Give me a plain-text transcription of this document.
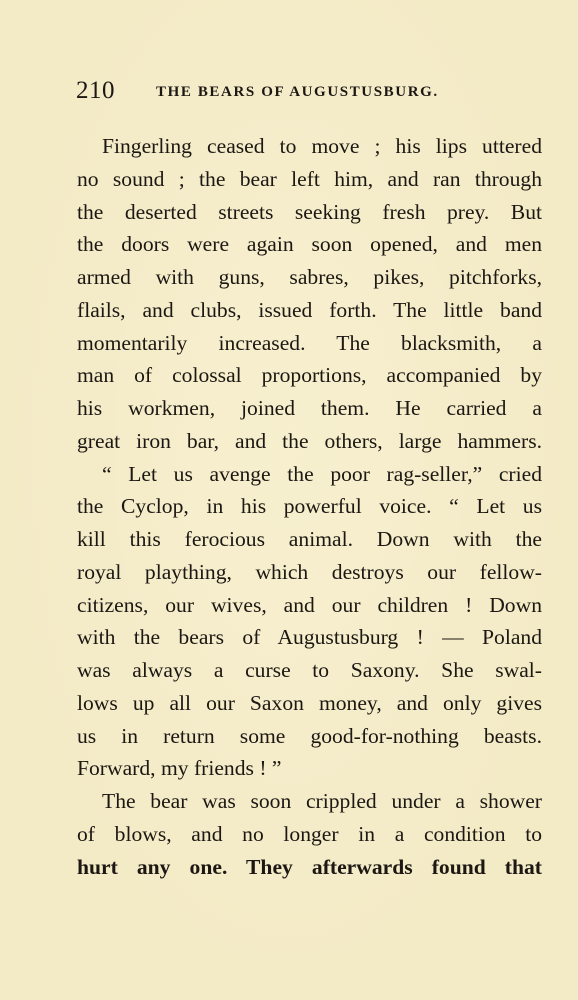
210	THE BEARS OF AUGUSTUSBURG.
Fingerling ceased to move ; his lips uttered
no sound ; the bear left him, and ran through
the deserted streets seeking fresh prey. But
the doors were again soon opened, and men
armed with guns, sabres, pikes, pitchforks,
flails, and clubs, issued forth. The little band
momentarily increased. The blacksmith, a
man of colossal proportions, accompanied by
his workmen, joined them. He carried a
great iron bar, and the others, large hammers.
“ Let us avenge the poor rag-seller,” cried
the Cyclop, in his powerful voice. “ Let us
kill this ferocious animal. Down with the
royal plaything, which destroys our fellow-
citizens, our wives, and our children ! Down
with the bears of Augustusburg ! — Poland
was always a curse to Saxony. She swal-
lows up all our Saxon money, and only gives
us in return some good-for-nothing beasts.
Forward, my friends ! ”
The bear was soon crippled under a shower
of blows, and no longer in a condition to
hurt any one. They afterwards found that
